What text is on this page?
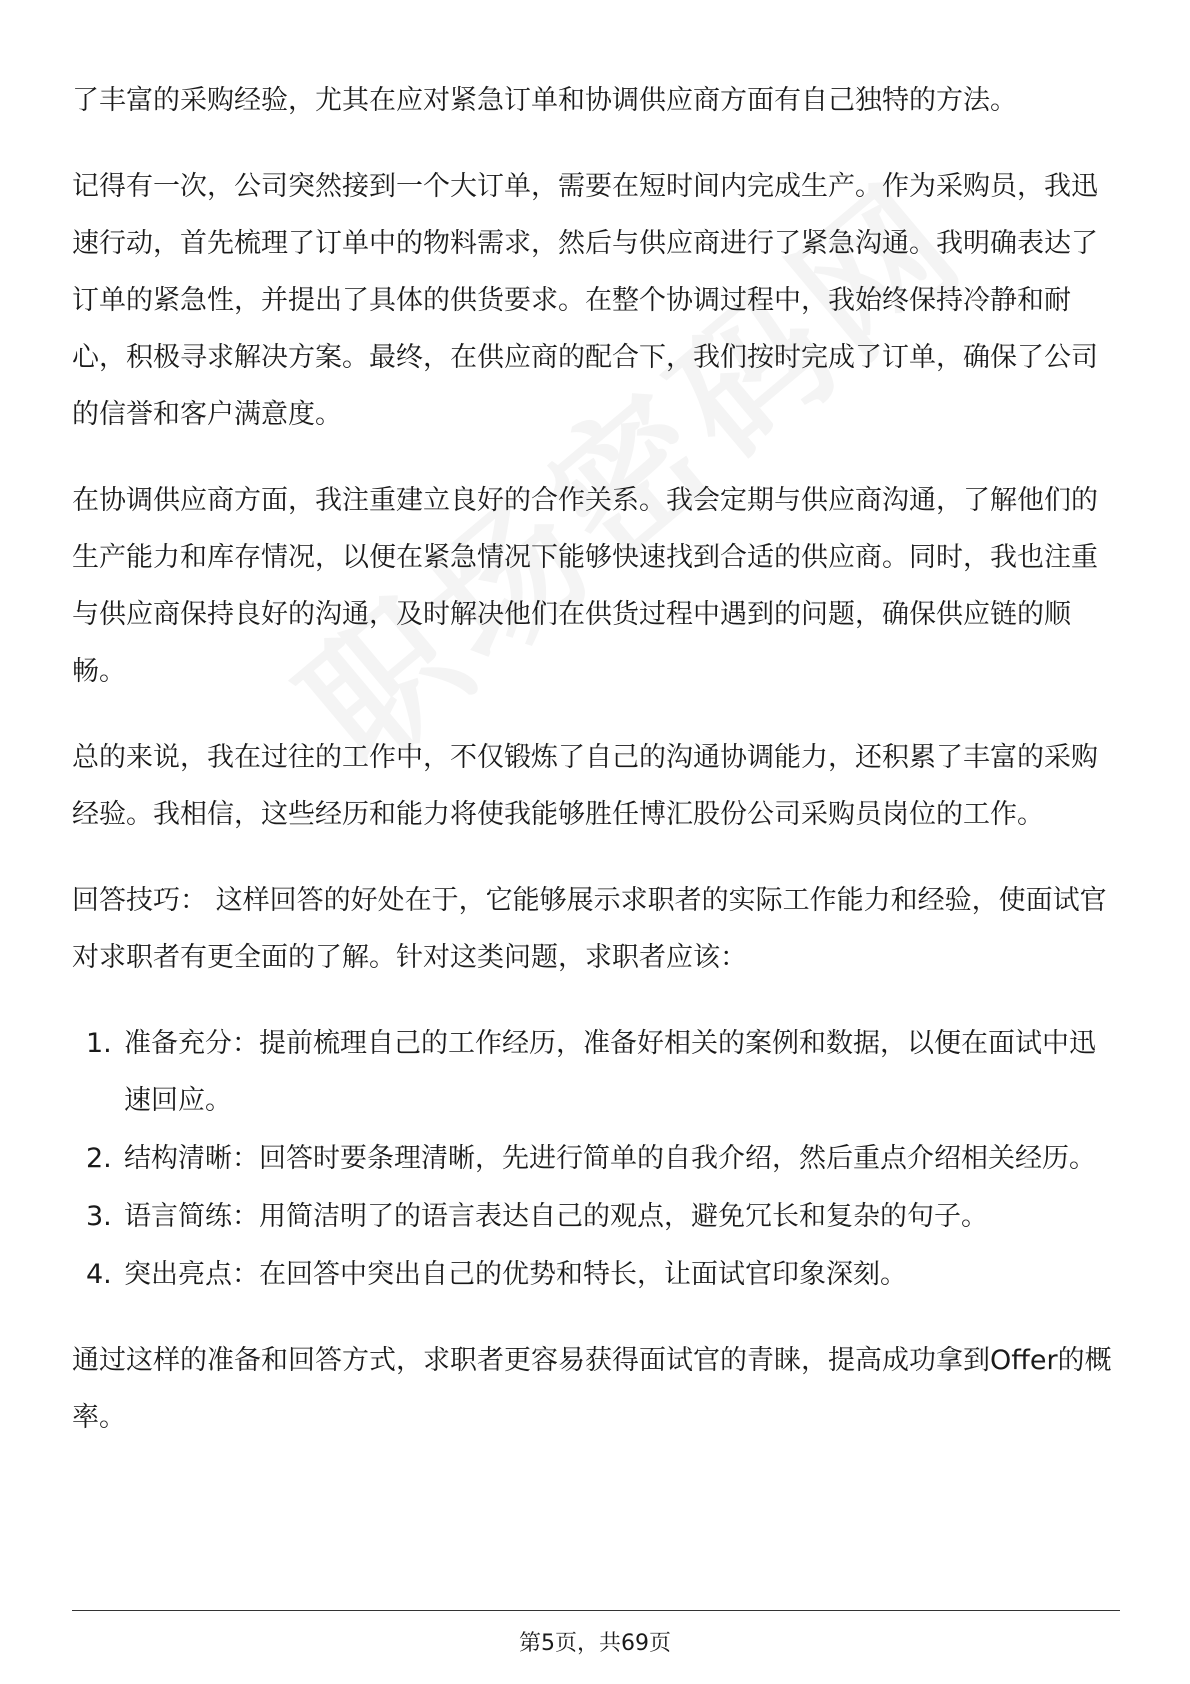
了丰富的采购经验，尤其在应对紧急订单和协调供应商方面有自己独特的方法。

记得有一次，公司突然接到一个大订单，需要在短时间内完成生产。作为采购员，我迅速行动，首先梳理了订单中的物料需求，然后与供应商进行了紧急沟通。我明确表达了订单的紧急性，并提出了具体的供货要求。在整个协调过程中，我始终保持冷静和耐心，积极寻求解决方案。最终，在供应商的配合下，我们按时完成了订单，确保了公司的信誉和客户满意度。

在协调供应商方面，我注重建立良好的合作关系。我会定期与供应商沟通，了解他们的生产能力和库存情况，以便在紧急情况下能够快速找到合适的供应商。同时，我也注重与供应商保持良好的沟通，及时解决他们在供货过程中遇到的问题，确保供应链的顺畅。

总的来说，我在过往的工作中，不仅锻炼了自己的沟通协调能力，还积累了丰富的采购经验。我相信，这些经历和能力将使我能够胜任博汇股份公司采购员岗位的工作。

回答技巧： 这样回答的好处在于，它能够展示求职者的实际工作能力和经验，使面试官对求职者有更全面的了解。针对这类问题，求职者应该：

1. 准备充分：提前梳理自己的工作经历，准备好相关的案例和数据，以便在面试中迅速回应。
2. 结构清晰：回答时要条理清晰，先进行简单的自我介绍，然后重点介绍相关经历。
3. 语言简练：用简洁明了的语言表达自己的观点，避免冗长和复杂的句子。
4. 突出亮点：在回答中突出自己的优势和特长，让面试官印象深刻。

通过这样的准备和回答方式，求职者更容易获得面试官的青睐，提高成功拿到Offer的概率。

第5页，共69页
